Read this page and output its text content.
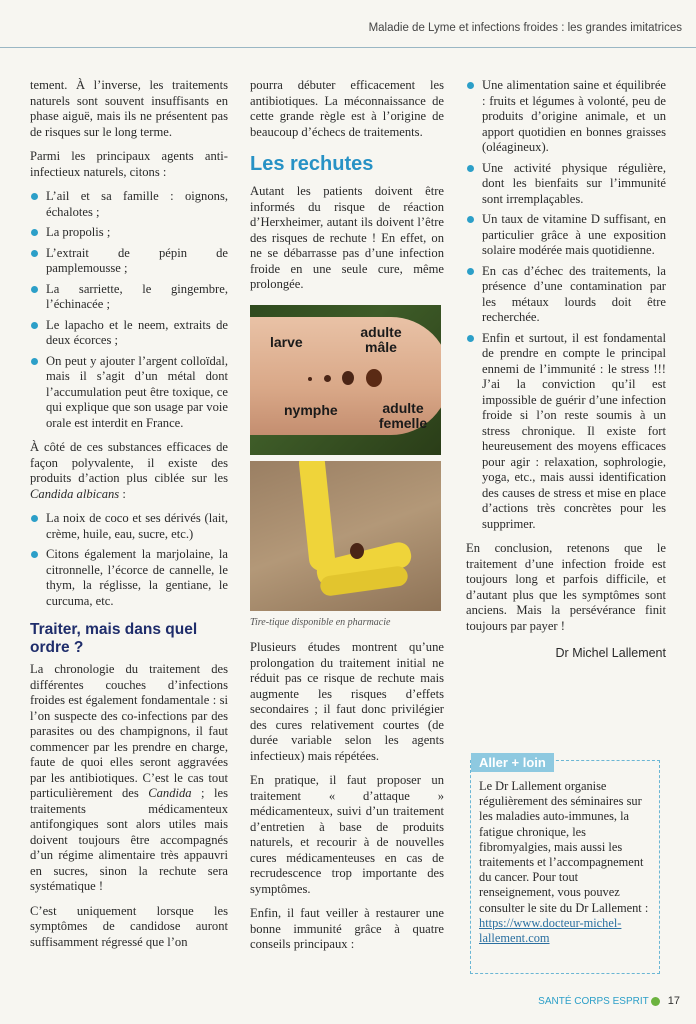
Maladie de Lyme et infections froides : les grandes imitatrices

tement. À l’inverse, les traitements naturels sont souvent insuffisants en phase aiguë, mais ils ne présentent pas de risques sur le long terme.

Parmi les principaux agents anti-infectieux naturels, citons :

L’ail et sa famille : oignons, échalotes ;
La propolis ;
L’extrait de pépin de pamplemousse ;
La sarriette, le gingembre, l’échinacée ;
Le lapacho et le neem, extraits de deux écorces ;
On peut y ajouter l’argent colloïdal, mais il s’agit d’un métal dont l’accumulation peut être toxique, ce qui explique que son usage par voie orale est interdit en France.

À côté de ces substances efficaces de façon polyvalente, il existe des produits d’action plus ciblée sur les Candida albicans :

La noix de coco et ses dérivés (lait, crème, huile, eau, sucre, etc.)
Citons également la marjolaine, la citronnelle, l’écorce de cannelle, le thym, la réglisse, la gentiane, le curcuma, etc.
Traiter, mais dans quel ordre ?

La chronologie du traitement des différentes couches d’infections froides est également fondamentale : si l’on suspecte des co-infections par des parasites ou des champignons, il faut commencer par les prendre en charge, faute de quoi elles seront aggravées par les antibiotiques. C’est le cas tout particulièrement des Candida ; les traitements médicamenteux antifongiques sont alors utiles mais doivent toujours être accompagnés d’un régime alimentaire très appauvri en sucres, sinon la rechute sera systématique !

C’est uniquement lorsque les symptômes de candidose auront suffisamment régressé que l’on

pourra débuter efficacement les antibiotiques. La méconnaissance de cette grande règle est à l’origine de beaucoup d’échecs de traitements.

Les rechutes

Autant les patients doivent être informés du risque de réaction d’Herxheimer, autant ils doivent l’être des risques de rechute ! En effet, on ne se débarrasse pas d’une infection froide en une seule cure, même prolongée.

larve
adulte mâle
nymphe	adulte femelle
Tire-tique disponible en pharmacie

Plusieurs études montrent qu’une prolongation du traitement initial ne réduit pas ce risque de rechute mais augmente les risques d’effets secondaires ; il faut donc privilégier des cures relativement courtes (de durée variable selon les agents infectieux) mais répétées.

En pratique, il faut proposer un traitement « d’attaque » médicamenteux, suivi d’un traitement d’entretien à base de produits naturels, et recourir à de nouvelles cures médicamenteuses en cas de recrudescence trop importante des symptômes.

Enfin, il faut veiller à restaurer une bonne immunité grâce à quatre conseils principaux :

Une alimentation saine et équilibrée : fruits et légumes à volonté, peu de produits d’origine animale, et un apport quotidien en bonnes graisses (oléagineux).
Une activité physique régulière, dont les bienfaits sur l’immunité sont irremplaçables.
Un taux de vitamine D suffisant, en particulier grâce à une exposition solaire modérée mais quotidienne.
En cas d’échec des traitements, la présence d’une contamination par les métaux lourds doit être recherchée.
Enfin et surtout, il est fondamental de prendre en compte le principal ennemi de l’immunité : le stress !!! J’ai la conviction qu’il est impossible de guérir d’une infection froide si l’on reste soumis à un stress chronique. Il existe fort heureusement des moyens efficaces pour agir : relaxation, sophrologie, yoga, etc., mais aussi identification des causes de stress et mise en place d’actions très concrètes pour les supprimer.

En conclusion, retenons que le traitement d’une infection froide est toujours long et parfois difficile, et d’autant plus que les symptômes sont anciens. Mais la persévérance finit toujours par payer !

Dr Michel Lallement
Aller + loin
Le Dr Lallement organise régulièrement des séminaires sur les maladies auto-immunes, la fatigue chronique, les fibromyalgies, mais aussi les traitements et l’accompagnement du cancer. Pour tout renseignement, vous pouvez consulter le site du Dr Lallement : https://www.docteur-michel-lallement.com
SANTÉ CORPS ESPRIT 17
